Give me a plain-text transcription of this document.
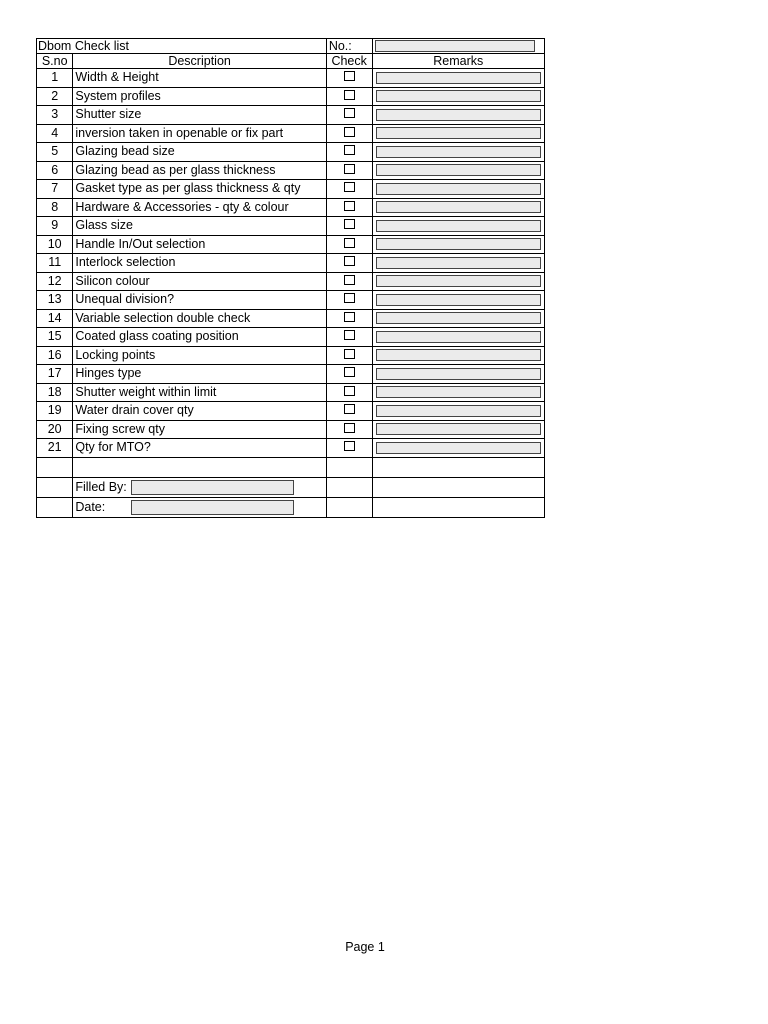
Dbom Check list		No.:	

S.no	Description	Check	Remarks
1	Width & Height		

2	System profiles		

3	Shutter size		

4	inversion taken in openable or fix part		

5	Glazing bead size		

6	Glazing bead as per glass thickness		

7	Gasket type as per glass thickness & qty		

8	Hardware & Accessories - qty & colour		

9	Glass size		

10	Handle In/Out selection		

11	Interlock selection		

12	Silicon colour		

13	Unequal division?		

14	Variable selection double check		

15	Coated glass coating position		

16	Locking points		

17	Hinges type		

18	Shutter weight within limit		

19	Water drain cover qty		

20	Fixing screw qty		

21	Qty for MTO?		

	Filled By:		

	Date:		

Page 1
